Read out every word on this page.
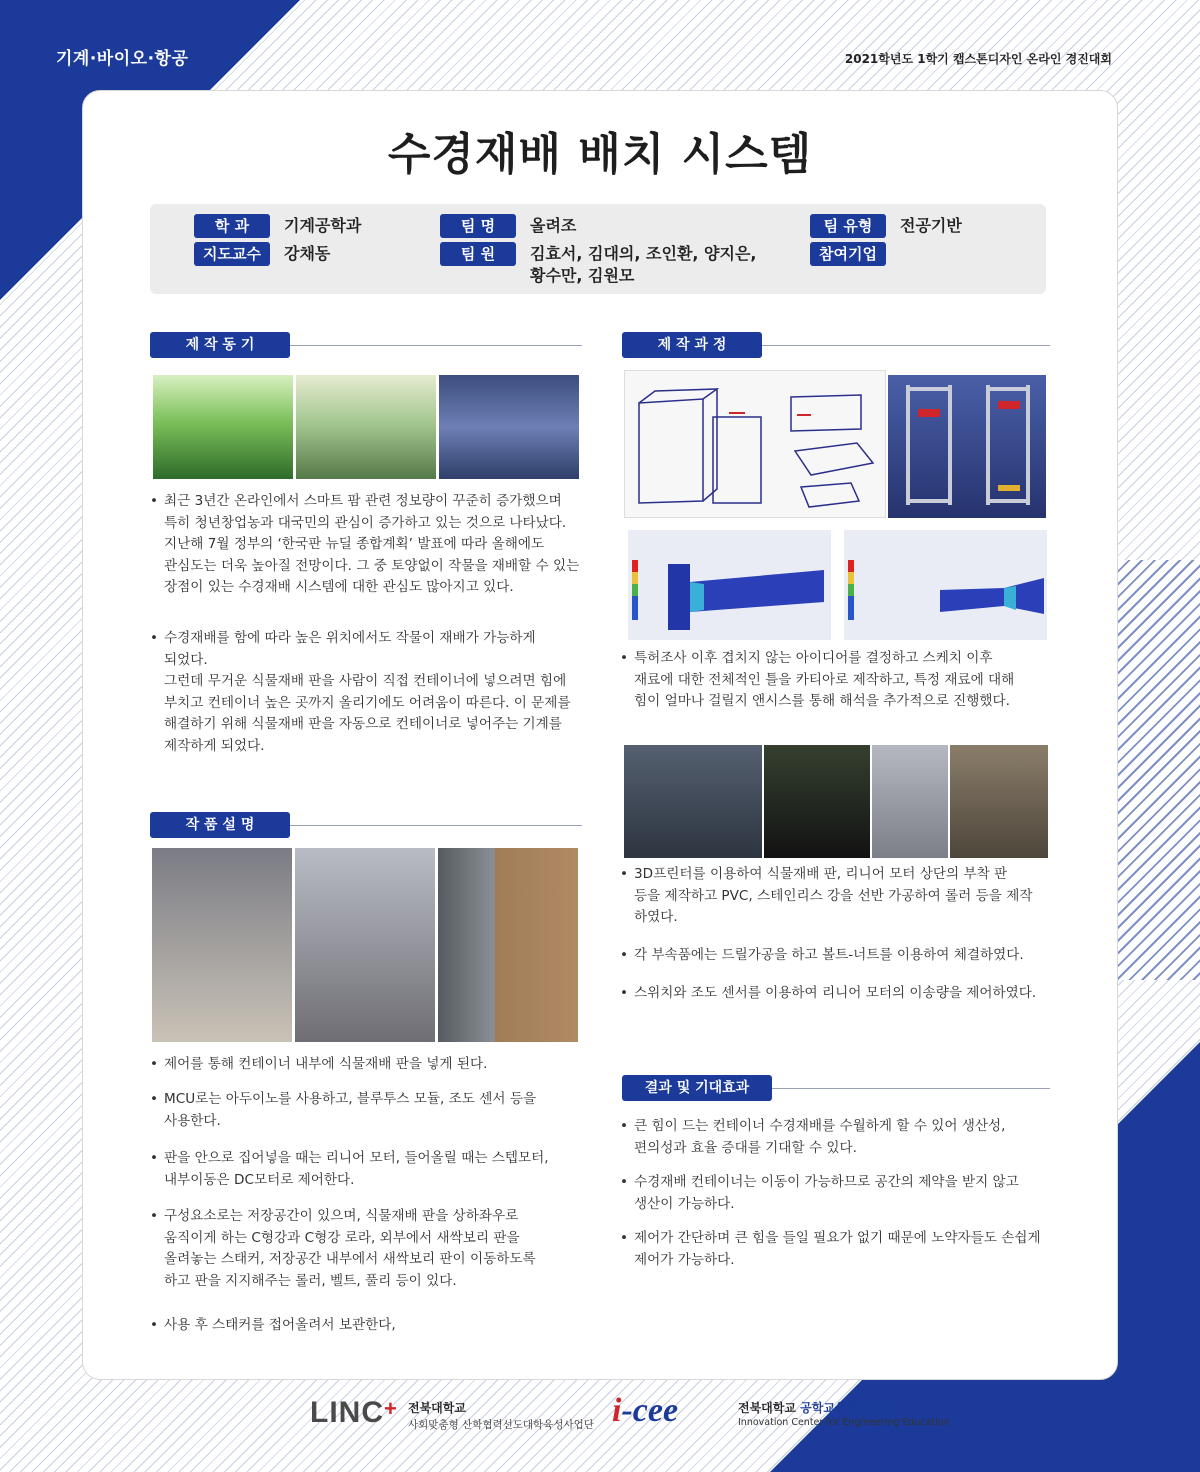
기계·바이오·항공	2021학년도 1학기 캡스톤디자인 온라인 경진대회
수경재배 배치 시스템
학 과	기계공학과
지도교수	강채동
팀 명	올려조
팀 원	김효서, 김대의, 조인환, 양지은,
황수만, 김원모
팀 유형	전공기반
참여기업
제 작 동 기
• 최근 3년간 온라인에서 스마트 팜 관련 정보량이 꾸준히 증가했으며
특히 청년창업농과 대국민의 관심이 증가하고 있는 것으로 나타났다.
지난해 7월 정부의 ‘한국판 뉴딜 종합계획’ 발표에 따라 올해에도
관심도는 더욱 높아질 전망이다. 그 중 토양없이 작물을 재배할 수 있는
장점이 있는 수경재배 시스템에 대한 관심도 많아지고 있다.
• 수경재배를 함에 따라 높은 위치에서도 작물이 재배가 가능하게
되었다.
그런데 무거운 식물재배 판을 사람이 직접 컨테이너에 넣으려면 힘에
부치고 컨테이너 높은 곳까지 올리기에도 어려움이 따른다. 이 문제를
해결하기 위해 식물재배 판을 자동으로 컨테이너로 넣어주는 기계를
제작하게 되었다.
작 품 설 명
• 제어를 통해 컨테이너 내부에 식물재배 판을 넣게 된다.
• MCU로는 아두이노를 사용하고, 블루투스 모듈, 조도 센서 등을
사용한다.
• 판을 안으로 집어넣을 때는 리니어 모터, 들어올릴 때는 스텝모터,
내부이동은 DC모터로 제어한다.
• 구성요소로는 저장공간이 있으며, 식물재배 판을 상하좌우로
움직이게 하는 C형강과 C형강 로라, 외부에서 새싹보리 판을
올려놓는 스태커, 저장공간 내부에서 새싹보리 판이 이동하도록
하고 판을 지지해주는 롤러, 벨트, 풀리 등이 있다.
• 사용 후 스태커를 접어올려서 보관한다,
제 작 과 정
• 특허조사 이후 겹치지 않는 아이디어를 결정하고 스케치 이후
재료에 대한 전체적인 틀을 카티아로 제작하고, 특정 재료에 대해
힘이 얼마나 걸릴지 앤시스를 통해 해석을 추가적으로 진행했다.
• 3D프린터를 이용하여 식물재배 판, 리니어 모터 상단의 부착 판
등을 제작하고 PVC, 스테인리스 강을 선반 가공하여 롤러 등을 제작
하였다.
• 각 부속품에는 드릴가공을 하고 볼트-너트를 이용하여 체결하였다.
• 스위치와 조도 센서를 이용하여 리니어 모터의 이송량을 제어하였다.
결과 및 기대효과
• 큰 힘이 드는 컨테이너 수경재배를 수월하게 할 수 있어 생산성,
편의성과 효율 증대를 기대할 수 있다.
• 수경재배 컨테이너는 이동이 가능하므로 공간의 제약을 받지 않고
생산이 가능하다.
• 제어가 간단하며 큰 힘을 들일 필요가 없기 때문에 노약자들도 손쉽게
제어가 가능하다.
LINC+ 전북대학교
사회맞춤형 산학협력선도대학육성사업단 i-cee	전북대학교 공학교육혁신센터
Innovation Center for Engineering Education
